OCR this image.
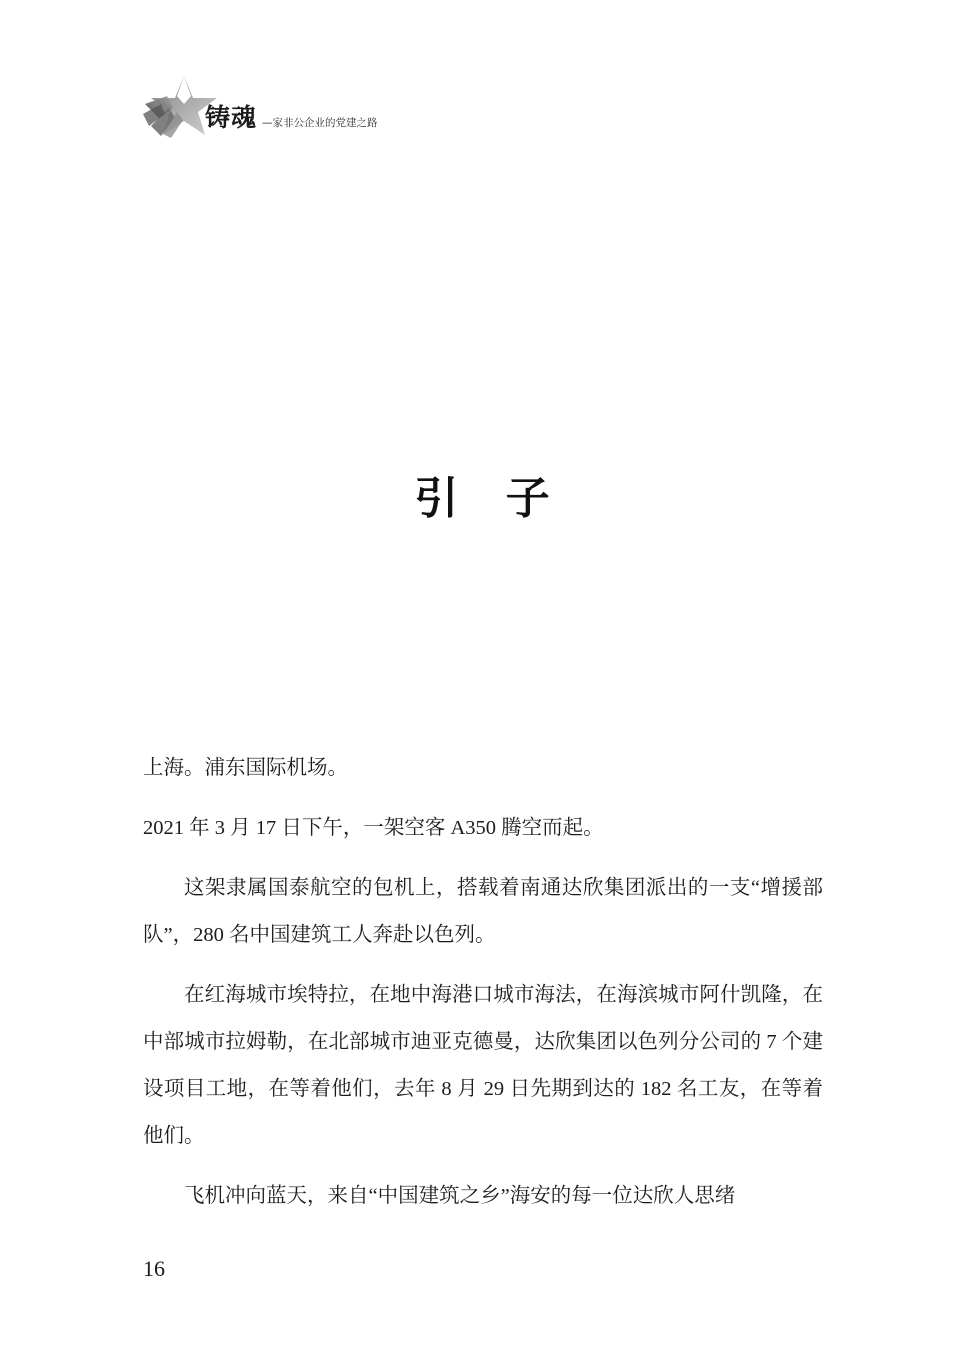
铸魂 —家非公企业的党建之路
引 子

上海。浦东国际机场。

2021 年 3 月 17 日下午，一架空客 A350 腾空而起。

这架隶属国泰航空的包机上，搭载着南通达欣集团派出的一支“增援部队”，280 名中国建筑工人奔赴以色列。

在红海城市埃特拉，在地中海港口城市海法，在海滨城市阿什凯隆，在中部城市拉姆勒，在北部城市迪亚克德曼，达欣集团以色列分公司的 7 个建设项目工地，在等着他们，去年 8 月 29 日先期到达的 182 名工友，在等着他们。

飞机冲向蓝天，来自“中国建筑之乡”海安的每一位达欣人思绪

16
